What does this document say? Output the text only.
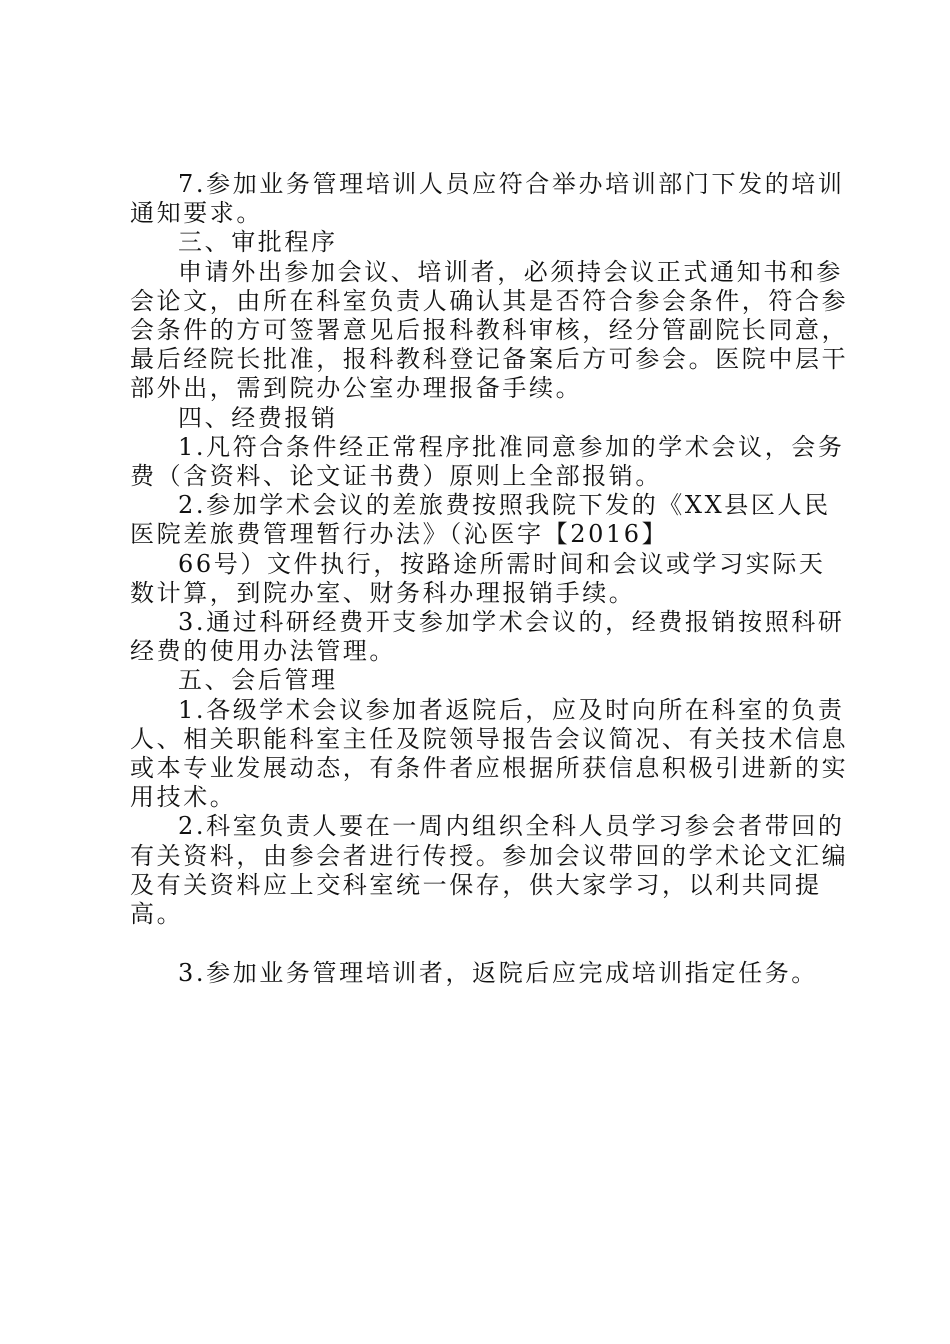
7.参加业务管理培训人员应符合举办培训部门下发的培训通知要求。

三、审批程序

申请外出参加会议、培训者，必须持会议正式通知书和参会论文，由所在科室负责人确认其是否符合参会条件，符合参会条件的方可签署意见后报科教科审核，经分管副院长同意，最后经院长批准，报科教科登记备案后方可参会。医院中层干部外出，需到院办公室办理报备手续。

四、经费报销

1.凡符合条件经正常程序批准同意参加的学术会议，会务费（含资料、论文证书费）原则上全部报销。

2.参加学术会议的差旅费按照我院下发的《XX县区人民医院差旅费管理暂行办法》（沁医字【2016】

66号）文件执行，按路途所需时间和会议或学习实际天数计算，到院办室、财务科办理报销手续。

3.通过科研经费开支参加学术会议的，经费报销按照科研经费的使用办法管理。

五、会后管理

1.各级学术会议参加者返院后，应及时向所在科室的负责人、相关职能科室主任及院领导报告会议简况、有关技术信息或本专业发展动态，有条件者应根据所获信息积极引进新的实用技术。

2.科室负责人要在一周内组织全科人员学习参会者带回的有关资料，由参会者进行传授。参加会议带回的学术论文汇编及有关资料应上交科室统一保存，供大家学习，以利共同提高。

3.参加业务管理培训者，返院后应完成培训指定任务。
